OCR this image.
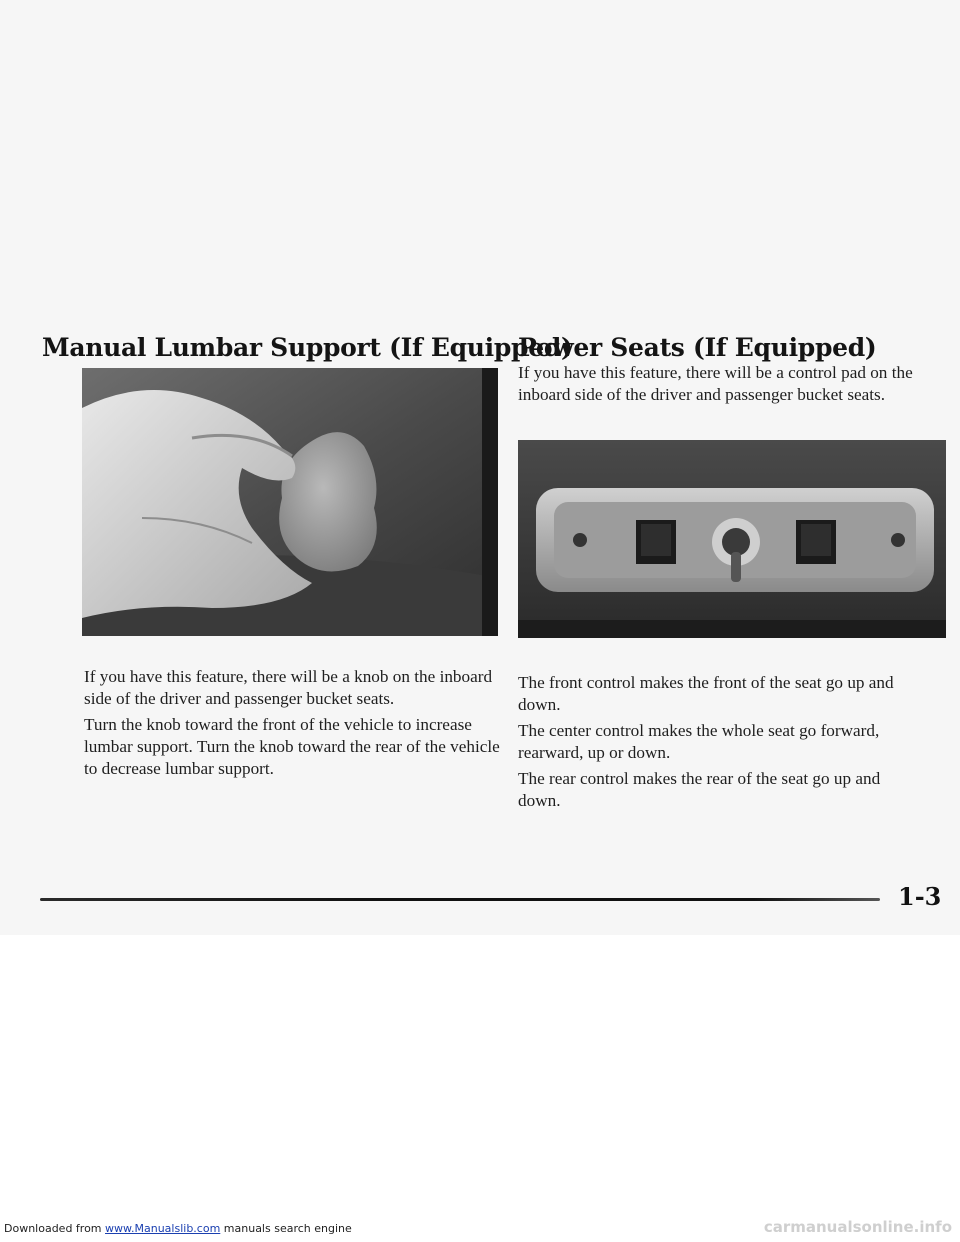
Manual Lumbar Support (If Equipped)

If you have this feature, there will be a knob on the inboard side of the driver and passenger bucket seats.

Turn the knob toward the front of the vehicle to increase lumbar support. Turn the knob toward the rear of the vehicle to decrease lumbar support.

Power Seats (If Equipped)

If you have this feature, there will be a control pad on the inboard side of the driver and passenger bucket seats.

The front control makes the front of the seat go up and down.

The center control makes the whole seat go forward, rearward, up or down.

The rear control makes the rear of the seat go up and down.

1-3
Downloaded from www.Manualslib.com manuals search engine	carmanualsonline.info
